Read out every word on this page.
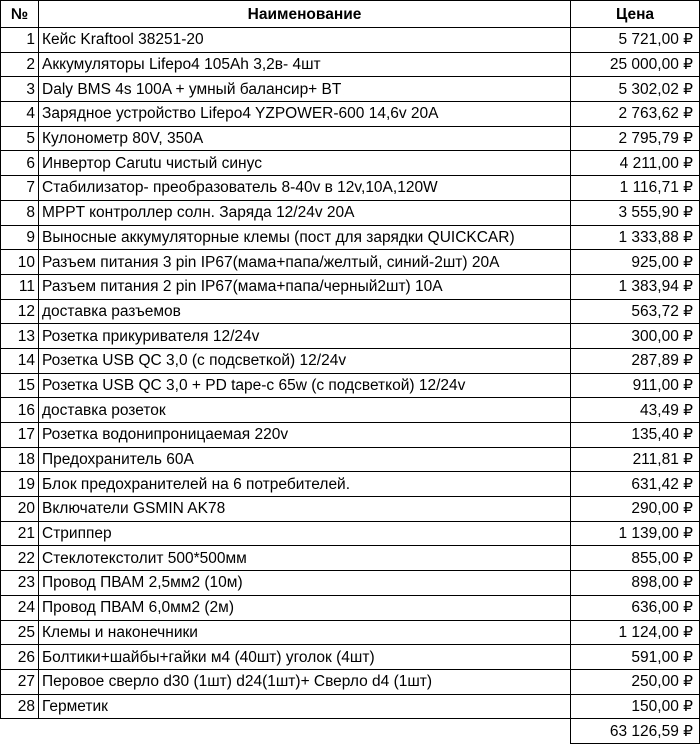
№	Наименование	Цена
1	Кейс Kraftool 38251-20	5 721,00 ₽
2	Аккумуляторы Lifepo4 105Ah 3,2в- 4шт	25 000,00 ₽
3	Daly BMS 4s 100A + умный балансир+ BT	5 302,02 ₽
4	Зарядное устройство Lifepo4 YZPOWER-600 14,6v 20A	2 763,62 ₽
5	Кулонометр 80V, 350A	2 795,79 ₽
6	Инвертор Carutu чистый синус	4 211,00 ₽
7	Стабилизатор- преобразователь 8-40v в 12v,10A,120W	1 116,71 ₽
8	MPPT контроллер солн. Заряда 12/24v 20A	3 555,90 ₽
9	Выносные аккумуляторные клемы (пост для зарядки QUICKCAR)	1 333,88 ₽
10	Разъем питания 3 pin IP67(мама+папа/желтый, синий-2шт) 20A	925,00 ₽
11	Разъем питания 2 pin IP67(мама+папа/черный2шт) 10A	1 383,94 ₽
12	доставка разъемов	563,72 ₽
13	Розетка прикуривателя 12/24v	300,00 ₽
14	Розетка USB QC 3,0 (с подсветкой) 12/24v	287,89 ₽
15	Розетка USB QC 3,0 + PD tape-c 65w (с подсветкой) 12/24v	911,00 ₽
16	доставка розеток	43,49 ₽
17	Розетка водонипроницаемая 220v	135,40 ₽
18	Предохранитель 60A	211,81 ₽
19	Блок предохранителей на 6 потребителей.	631,42 ₽
20	Включатели GSMIN AK78	290,00 ₽
21	Стриппер	1 139,00 ₽
22	Стеклотекстолит 500*500мм	855,00 ₽
23	Провод ПВАМ 2,5мм2 (10м)	898,00 ₽
24	Провод ПВАМ 6,0мм2 (2м)	636,00 ₽
25	Клемы и наконечники	1 124,00 ₽
26	Болтики+шайбы+гайки м4 (40шт) уголок (4шт)	591,00 ₽
27	Перовое сверло d30 (1шт) d24(1шт)+ Сверло d4 (1шт)	250,00 ₽
28	Герметик	150,00 ₽
		63 126,59 ₽
